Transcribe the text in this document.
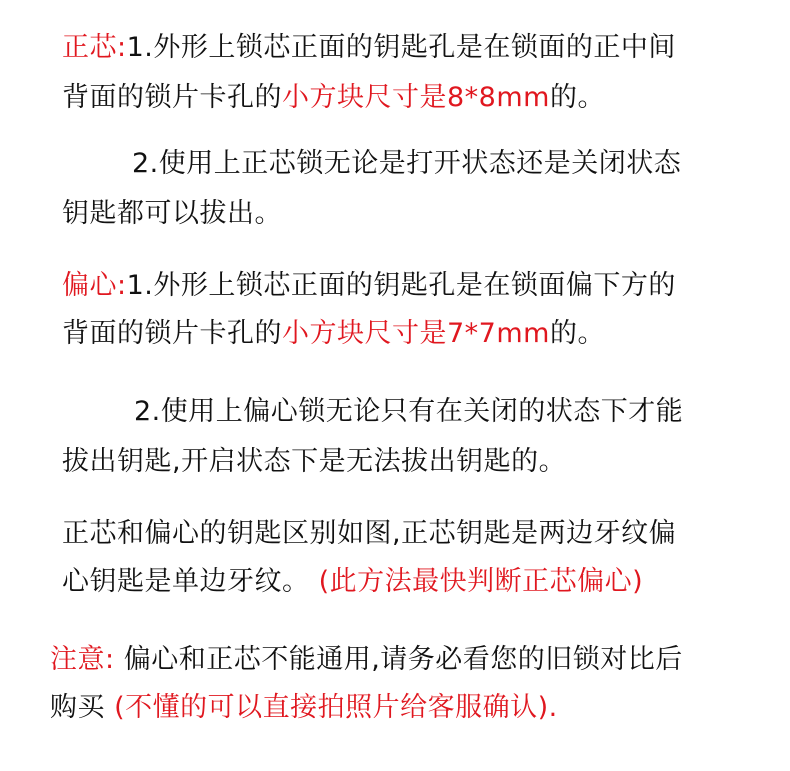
正芯:1.外形上锁芯正面的钥匙孔是在锁面的正中间
背面的锁片卡孔的小方块尺寸是8*8mm的。
2.使用上正芯锁无论是打开状态还是关闭状态
钥匙都可以拔出。
偏心:1.外形上锁芯正面的钥匙孔是在锁面偏下方的
背面的锁片卡孔的小方块尺寸是7*7mm的。
2.使用上偏心锁无论只有在关闭的状态下才能
拔出钥匙,开启状态下是无法拔出钥匙的。
正芯和偏心的钥匙区别如图,正芯钥匙是两边牙纹偏
心钥匙是单边牙纹。 (此方法最快判断正芯偏心)
注意: 偏心和正芯不能通用,请务必看您的旧锁对比后
购买 (不懂的可以直接拍照片给客服确认).
